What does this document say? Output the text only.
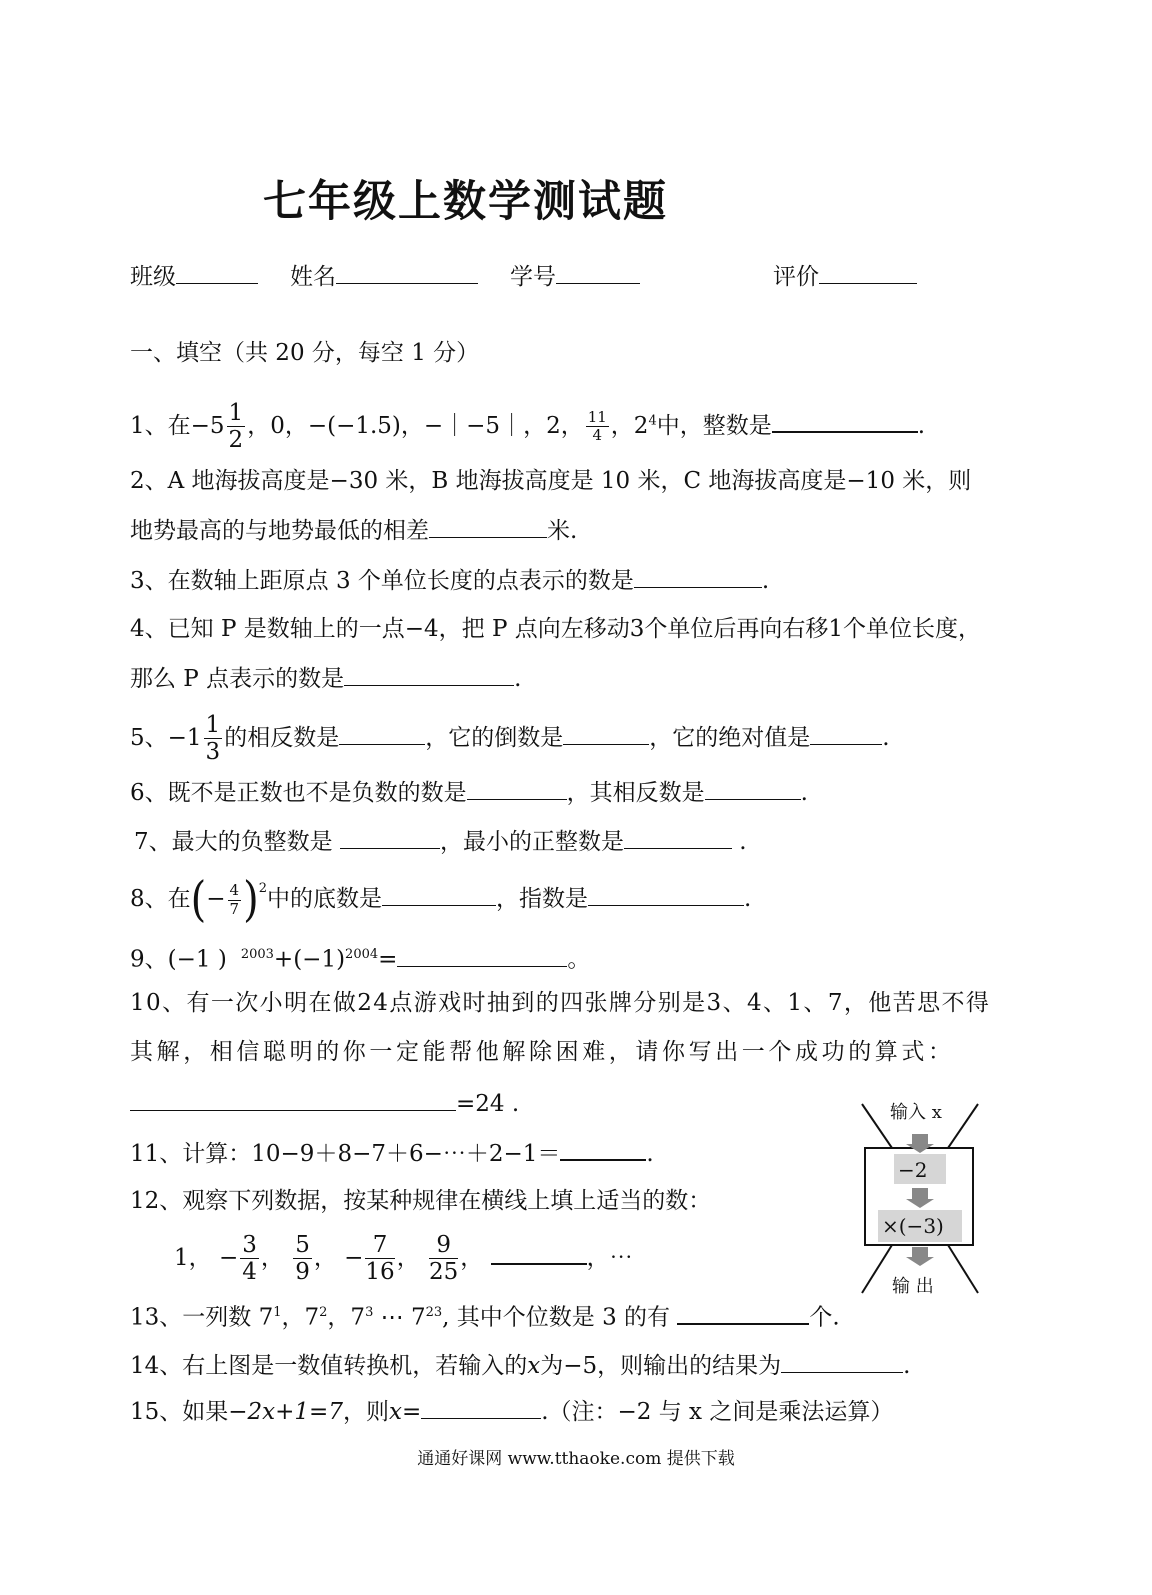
七年级上数学测试题
班级	姓名	学号	评价
一、填空（共 20 分，每空 1 分）
1、在$-5 \frac{1}{2}$ ，0，−(−1.5)，−｜−5｜，2， $\frac{11}{4}$ ，$2^4$中，整数是	.
2、A 地海拔高度是−30 米，B 地海拔高度是 10 米，C 地海拔高度是−10 米，则
地势最高的与地势最低的相差	米.
3、在数轴上距原点 3 个单位长度的点表示的数是	.
4、已知 P 是数轴上的一点−4，把 P 点向左移动3个单位后再向右移1个单位长度，
那么 P 点表示的数是	.
5、$-1 \frac{1}{3}$ 的相反数是	，它的倒数是	，它的绝对值是	.
6、既不是正数也不是负数的数是	，其相反数是	.
7、最大的负整数是	，最小的正整数是	.
8、在(− $\frac{4}{7} )^2$中的底数是	，指数是	.
9、(−1 ) $^{2003}+(-1)^{2004}=$	。
10、有一次小明在做24点游戏时抽到的四张牌分别是3、4、1、7，他苦思不得
其解，相信聪明的你一定能帮他解除困难，请你写出一个成功的算式：
=24 .
11、计算：10−9＋8−7＋6−⋯＋2−1＝	.
12、观察下列数据，按某种规律在横线上填上适当的数：
1， − $\frac{3}{4}$ ， $\frac{5}{9}$ ， − $\frac{7}{16}$ ， $\frac{9}{25}$ ，	，⋯
13、一列数 $7^1$，$7^2$，$7^3$ ⋯ $7^{23}$, 其中个位数是 3 的有	个.
14、右上图是一数值转换机，若输入的x为−5，则输出的结果为	.
15、如果−2x+1=7，则x=	.（注：−2 与 x 之间是乘法运算）
输入 x
−2
×(−3)
输 出
通通好课网 www.tthaoke.com 提供下载
